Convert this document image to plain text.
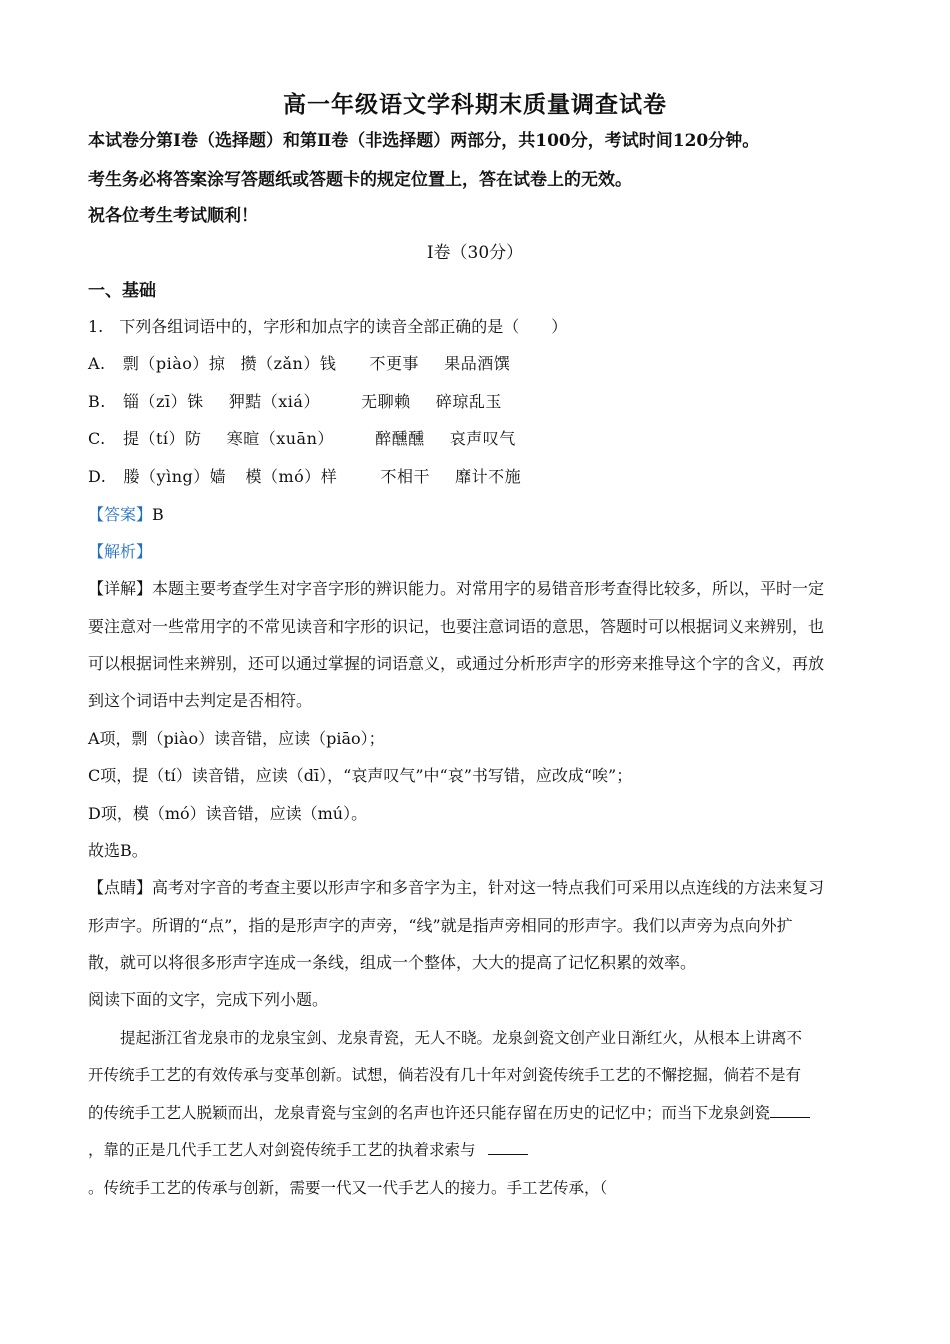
高一年级语文学科期末质量调查试卷
本试卷分第Ⅰ卷（选择题）和第Ⅱ卷（非选择题）两部分，共100分，考试时间120分钟。
考生务必将答案涂写答题纸或答题卡的规定位置上，答在试卷上的无效。
祝各位考生考试顺利！
Ⅰ卷（30分）
一、基础
1.　下列各组词语中的，字形和加点字的读音全部正确的是（　　）
A. 剽（piào）掠 攒（zǎn）钱 不更事 果品酒馔
B. 锱（zī）铢 狎黠（xiá）	无聊赖 碎琼乱玉
C. 提（tí）防 寒暄（xuān）	醉醺醺 哀声叹气
D. 媵（yìng）嫱 模（mó）样	不相干 靡计不施
【答案】B
【解析】
【详解】本题主要考查学生对字音字形的辨识能力。对常用字的易错音形考查得比较多，所以，平时一定
要注意对一些常用字的不常见读音和字形的识记，也要注意词语的意思，答题时可以根据词义来辨别，也
可以根据词性来辨别，还可以通过掌握的词语意义，或通过分析形声字的形旁来推导这个字的含义，再放
到这个词语中去判定是否相符。
A项，剽（piào）读音错，应读（piāo）；
C项，提（tí）读音错，应读（dī），“哀声叹气”中“哀”书写错，应改成“唉”；
D项，模（mó）读音错，应读（mú）。
故选B。
【点睛】高考对字音的考查主要以形声字和多音字为主，针对这一特点我们可采用以点连线的方法来复习
形声字。所谓的“点”，指的是形声字的声旁，“线”就是指声旁相同的形声字。我们以声旁为点向外扩
散，就可以将很多形声字连成一条线，组成一个整体，大大的提高了记忆积累的效率。
阅读下面的文字，完成下列小题。
提起浙江省龙泉市的龙泉宝剑、龙泉青瓷，无人不晓。龙泉剑瓷文创产业日渐红火，从根本上讲离不
开传统手工艺的有效传承与变革创新。试想，倘若没有几十年对剑瓷传统手工艺的不懈挖掘，倘若不是有
的传统手工艺人脱颖而出，龙泉青瓷与宝剑的名声也许还只能存留在历史的记忆中；而当下龙泉剑瓷
，靠的正是几代手工艺人对剑瓷传统手工艺的执着求索与
。传统手工艺的传承与创新，需要一代又一代手艺人的接力。手工艺传承，（
